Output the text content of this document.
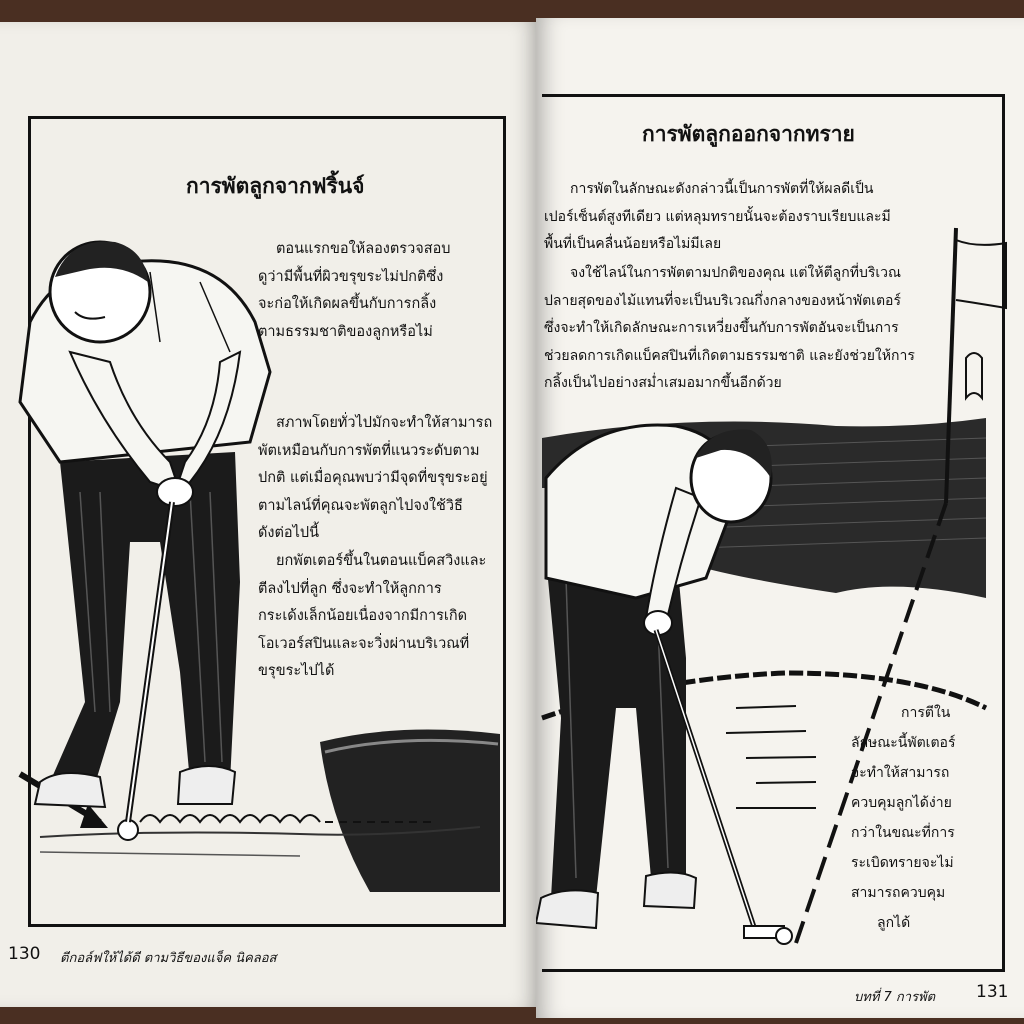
การพัตลูกจากฟริ้นจ์
ตอนแรกขอให้ลองตรวจสอบ
ดูว่ามีพื้นที่ผิวขรุขระไม่ปกติซึ่ง
จะก่อให้เกิดผลขึ้นกับการกลิ้ง
ตามธรรมชาติของลูกหรือไม่
สภาพโดยทั่วไปมักจะทำให้สามารถ
พัตเหมือนกับการพัตที่แนวระดับตาม
ปกติ แต่เมื่อคุณพบว่ามีจุดที่ขรุขระอยู่
ตามไลน์ที่คุณจะพัตลูกไปจงใช้วิธี
ดังต่อไปนี้
ยกพัตเตอร์ขึ้นในตอนแบ็คสวิงและ
ตีลงไปที่ลูก ซึ่งจะทำให้ลูกการ
กระเด้งเล็กน้อยเนื่องจากมีการเกิด
โอเวอร์สปินและจะวิ่งผ่านบริเวณที่
ขรุขระไปได้
130 ตีกอล์ฟให้ได้ดี ตามวิธีของแจ็ค นิคลอส
การพัตลูกออกจากทราย
การพัตในลักษณะดังกล่าวนี้เป็นการพัตที่ให้ผลดีเป็น
เปอร์เซ็นต์สูงทีเดียว แต่หลุมทรายนั้นจะต้องราบเรียบและมี
พื้นที่เป็นคลื่นน้อยหรือไม่มีเลย
จงใช้ไลน์ในการพัตตามปกติของคุณ แต่ให้ตีลูกที่บริเวณ
ปลายสุดของไม้แทนที่จะเป็นบริเวณกึ่งกลางของหน้าพัตเตอร์
ซึ่งจะทำให้เกิดลักษณะการเหวี่ยงขึ้นกับการพัตอันจะเป็นการ
ช่วยลดการเกิดแบ็คสปินที่เกิดตามธรรมชาติ และยังช่วยให้การ
กลิ้งเป็นไปอย่างสม่ำเสมอมากขึ้นอีกด้วย
การตีใน
ลักษณะนี้พัตเตอร์
จะทำให้สามารถ
ควบคุมลูกได้ง่าย
กว่าในขณะที่การ
ระเบิดทรายจะไม่
สามารถควบคุม
ลูกได้
บทที่ 7 การพัต 131
